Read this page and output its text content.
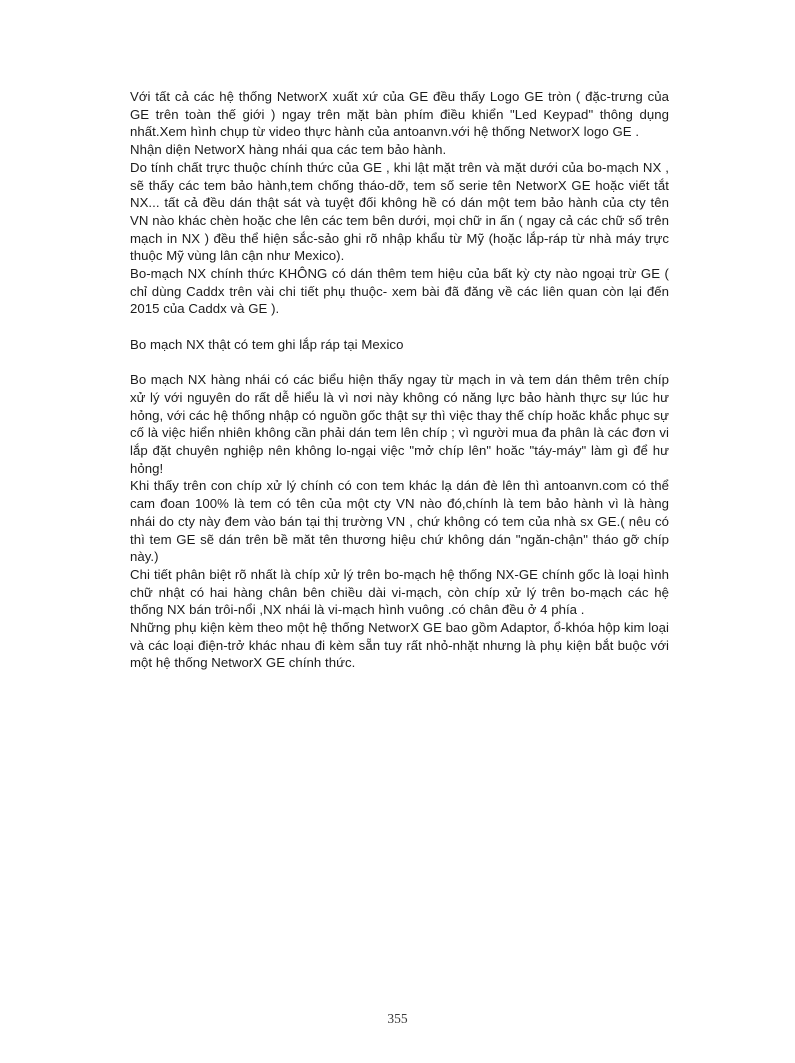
Với tất cả các hệ thống NetworX xuất xứ của GE đều thấy Logo GE tròn ( đặc-trưng của GE trên toàn thế giới ) ngay trên mặt bàn phím điều khiển "Led Keypad" thông dụng nhất.Xem hình chụp từ video thực hành của antoanvn.với hệ thống NetworX logo GE .

Nhận diện NetworX hàng nhái qua các tem bảo hành.

Do tính chất trực thuộc chính thức của GE , khi lật mặt trên và mặt dưới của bo-mạch NX , sẽ thấy các tem bảo hành,tem chống tháo-dỡ, tem số serie tên NetworX GE hoặc viết tắt NX... tất cả đều dán thật sát và tuyệt đối không hề có dán một tem bảo hành của cty tên VN nào khác chèn hoặc che lên các tem bên dưới, mọi chữ in ấn ( ngay cả các chữ số trên mạch in NX ) đều thể hiện sắc-sảo ghi rõ nhập khẩu từ Mỹ (hoặc lắp-ráp từ nhà máy trực thuộc Mỹ vùng lân cận như Mexico).

Bo-mạch NX chính thức KHÔNG có dán thêm tem hiệu của bất kỳ cty nào ngoại trừ GE ( chỉ dùng Caddx trên vài chi tiết phụ thuộc- xem bài đã đăng về các liên quan còn lại đến 2015 của Caddx và GE ).

Bo mạch NX thật có tem ghi lắp ráp tại Mexico

Bo mạch NX hàng nhái có các biểu hiện thấy ngay từ mạch in và tem dán thêm trên chíp xử lý với nguyên do rất dễ hiểu là vì nơi này không có năng lực bảo hành thực sự lúc hư hỏng, với các hệ thống nhập có nguồn gốc thật sự thì việc thay thế chíp hoăc khắc phục sự cố là việc hiển nhiên không cần phải dán tem lên chíp ; vì người mua đa phân là các đơn vi lắp đặt chuyên nghiệp nên không lo-ngại việc "mở chíp lên" hoăc "táy-máy" làm gì để hư hỏng!

Khi thấy trên con chíp xử lý chính có con tem khác lạ dán đè lên thì antoanvn.com có thể cam đoan 100% là tem có tên của một cty VN nào đó,chính là tem bảo hành vì là hàng nhái do cty này đem vào bán tại thị trường VN , chứ không có tem của nhà sx GE.( nêu có thì tem GE sẽ dán trên bề măt tên thương hiệu chứ không dán "ngăn-chận" tháo gỡ chíp này.)

Chi tiết phân biệt rõ nhất là chíp xử lý trên bo-mạch hệ thống NX-GE chính gốc là loại hình chữ nhật có hai hàng chân bên chiều dài vi-mạch, còn chíp xử lý trên bo-mạch các hệ thống NX bán trôi-nổi ,NX nhái là vi-mạch hình vuông .có chân đều ở 4 phía .

Những phụ kiện kèm theo một hệ thống NetworX GE bao gồm Adaptor, ổ-khóa hộp kim loại và các loại điện-trở khác nhau đi kèm sẵn tuy rất nhỏ-nhặt nhưng là phụ kiện bắt buộc với một hệ thống NetworX GE chính thức.

355
